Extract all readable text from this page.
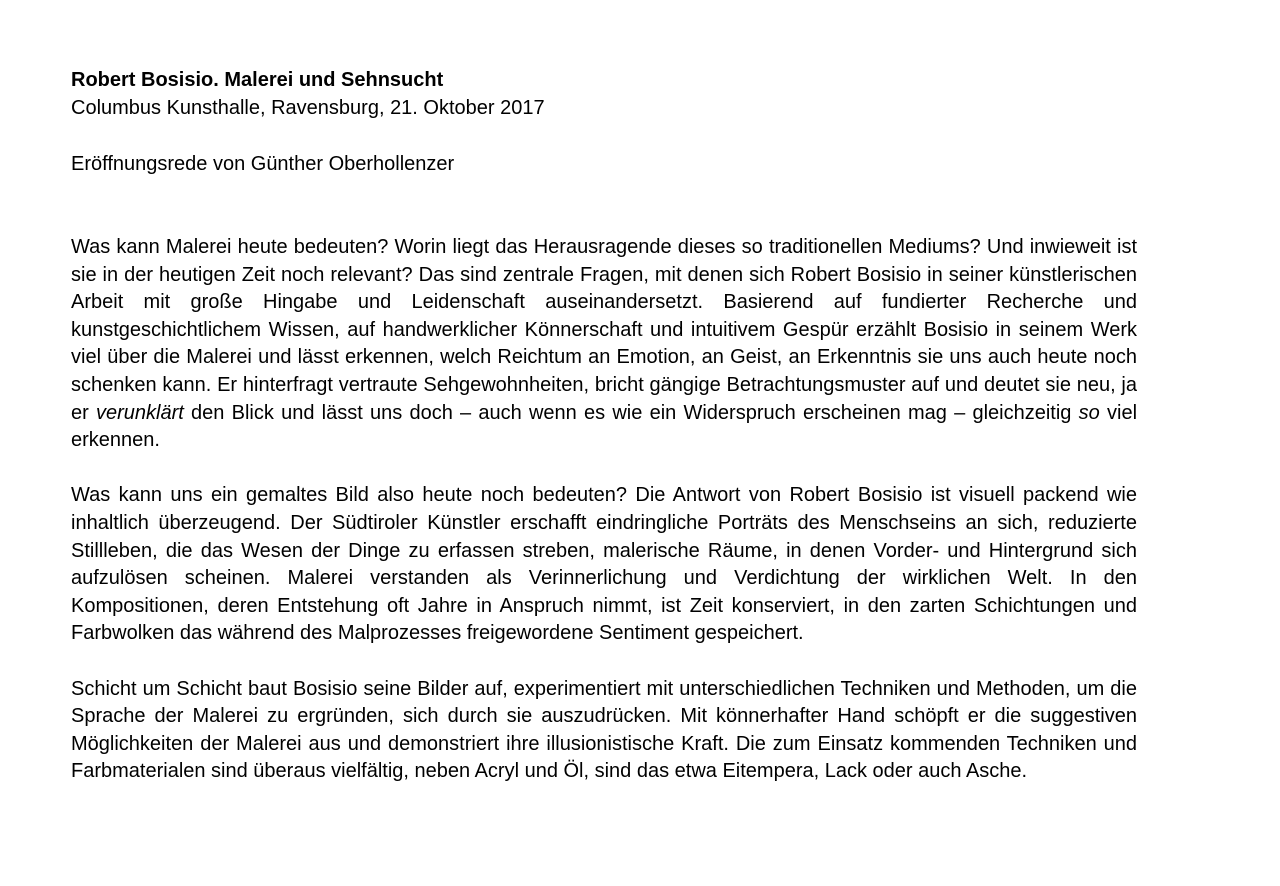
Robert Bosisio. Malerei und Sehnsucht

Columbus Kunsthalle, Ravensburg, 21. Oktober 2017

Eröffnungsrede von Günther Oberhollenzer

Was kann Malerei heute bedeuten? Worin liegt das Herausragende dieses so traditionellen Mediums? Und inwieweit ist sie in der heutigen Zeit noch relevant? Das sind zentrale Fragen, mit denen sich Robert Bosisio in seiner künstlerischen Arbeit mit große Hingabe und Leidenschaft auseinandersetzt. Basierend auf fundierter Recherche und kunstgeschichtlichem Wissen, auf handwerklicher Könnerschaft und intuitivem Gespür erzählt Bosisio in seinem Werk viel über die Malerei und lässt erkennen, welch Reichtum an Emotion, an Geist, an Erkenntnis sie uns auch heute noch schenken kann. Er hinterfragt vertraute Sehgewohnheiten, bricht gängige Betrachtungsmuster auf und deutet sie neu, ja er verunklärt den Blick und lässt uns doch – auch wenn es wie ein Widerspruch erscheinen mag – gleichzeitig so viel erkennen.

Was kann uns ein gemaltes Bild also heute noch bedeuten? Die Antwort von Robert Bosisio ist visuell packend wie inhaltlich überzeugend. Der Südtiroler Künstler erschafft eindringliche Porträts des Menschseins an sich, reduzierte Stillleben, die das Wesen der Dinge zu erfassen streben, malerische Räume, in denen Vorder- und Hintergrund sich aufzulösen scheinen. Malerei verstanden als Verinnerlichung und Verdichtung der wirklichen Welt. In den Kompositionen, deren Entstehung oft Jahre in Anspruch nimmt, ist Zeit konserviert, in den zarten Schichtungen und Farbwolken das während des Malprozesses freigewordene Sentiment gespeichert.

Schicht um Schicht baut Bosisio seine Bilder auf, experimentiert mit unterschiedlichen Techniken und Methoden, um die Sprache der Malerei zu ergründen, sich durch sie auszudrücken. Mit könnerhafter Hand schöpft er die suggestiven Möglichkeiten der Malerei aus und demonstriert ihre illusionistische Kraft. Die zum Einsatz kommenden Techniken und Farbmaterialen sind überaus vielfältig, neben Acryl und Öl, sind das etwa Eitempera, Lack oder auch Asche.
